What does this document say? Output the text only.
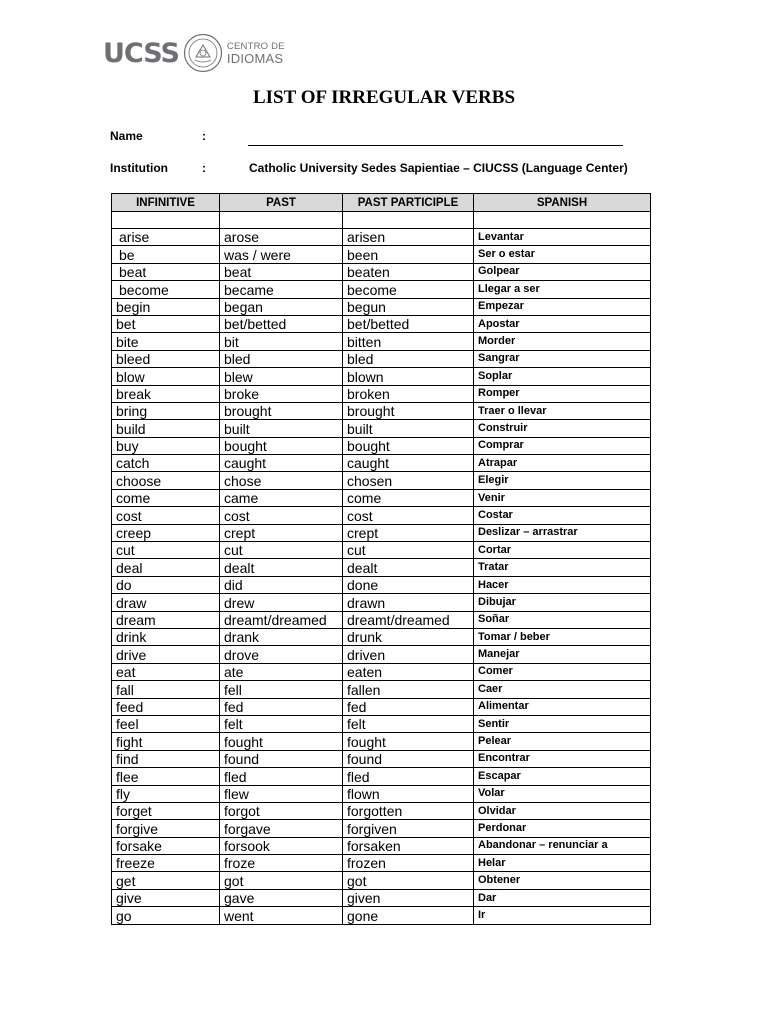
UCSS	CENTRO DE
IDIOMAS
LIST OF IRREGULAR VERBS
Name	:
Institution	:	Catholic University Sedes Sapientiae – CIUCSS (Language Center)
INFINITIVE	PAST	PAST PARTICIPLE	SPANISH

arise	arose	arisen	Levantar
be	was / were	been	Ser o estar
beat	beat	beaten	Golpear
become	became	become	Llegar a ser
begin	began	begun	Empezar
bet	bet/betted	bet/betted	Apostar
bite	bit	bitten	Morder
bleed	bled	bled	Sangrar
blow	blew	blown	Soplar
break	broke	broken	Romper
bring	brought	brought	Traer o llevar
build	built	built	Construir
buy	bought	bought	Comprar
catch	caught	caught	Atrapar
choose	chose	chosen	Elegir
come	came	come	Venir
cost	cost	cost	Costar
creep	crept	crept	Deslizar – arrastrar
cut	cut	cut	Cortar
deal	dealt	dealt	Tratar
do	did	done	Hacer
draw	drew	drawn	Dibujar
dream	dreamt/dreamed	dreamt/dreamed	Soñar
drink	drank	drunk	Tomar / beber
drive	drove	driven	Manejar
eat	ate	eaten	Comer
fall	fell	fallen	Caer
feed	fed	fed	Alimentar
feel	felt	felt	Sentir
fight	fought	fought	Pelear
find	found	found	Encontrar
flee	fled	fled	Escapar
fly	flew	flown	Volar
forget	forgot	forgotten	Olvidar
forgive	forgave	forgiven	Perdonar
forsake	forsook	forsaken	Abandonar – renunciar a
freeze	froze	frozen	Helar
get	got	got	Obtener
give	gave	given	Dar
go	went	gone	Ir
